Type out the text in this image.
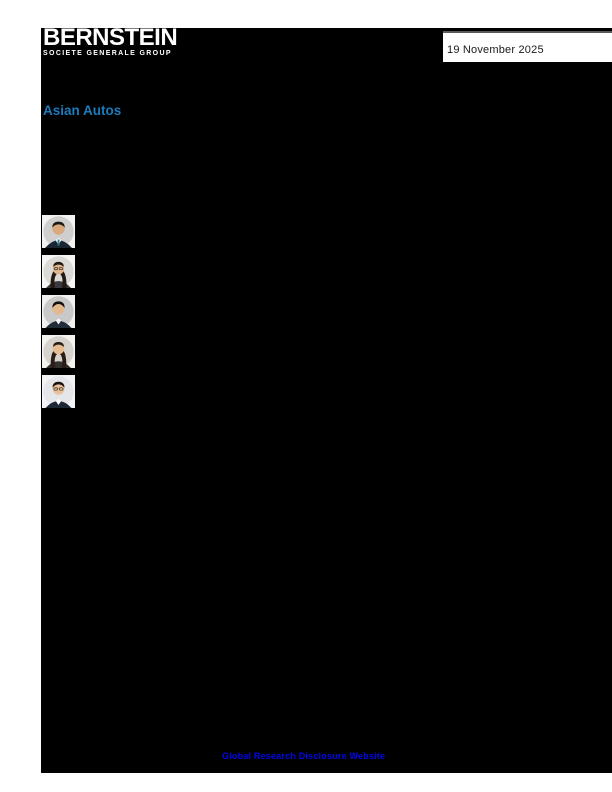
BERNSTEIN
SOCIETE GENERALE GROUP	19 November 2025
Asian Autos
Global Research Disclosure Website
